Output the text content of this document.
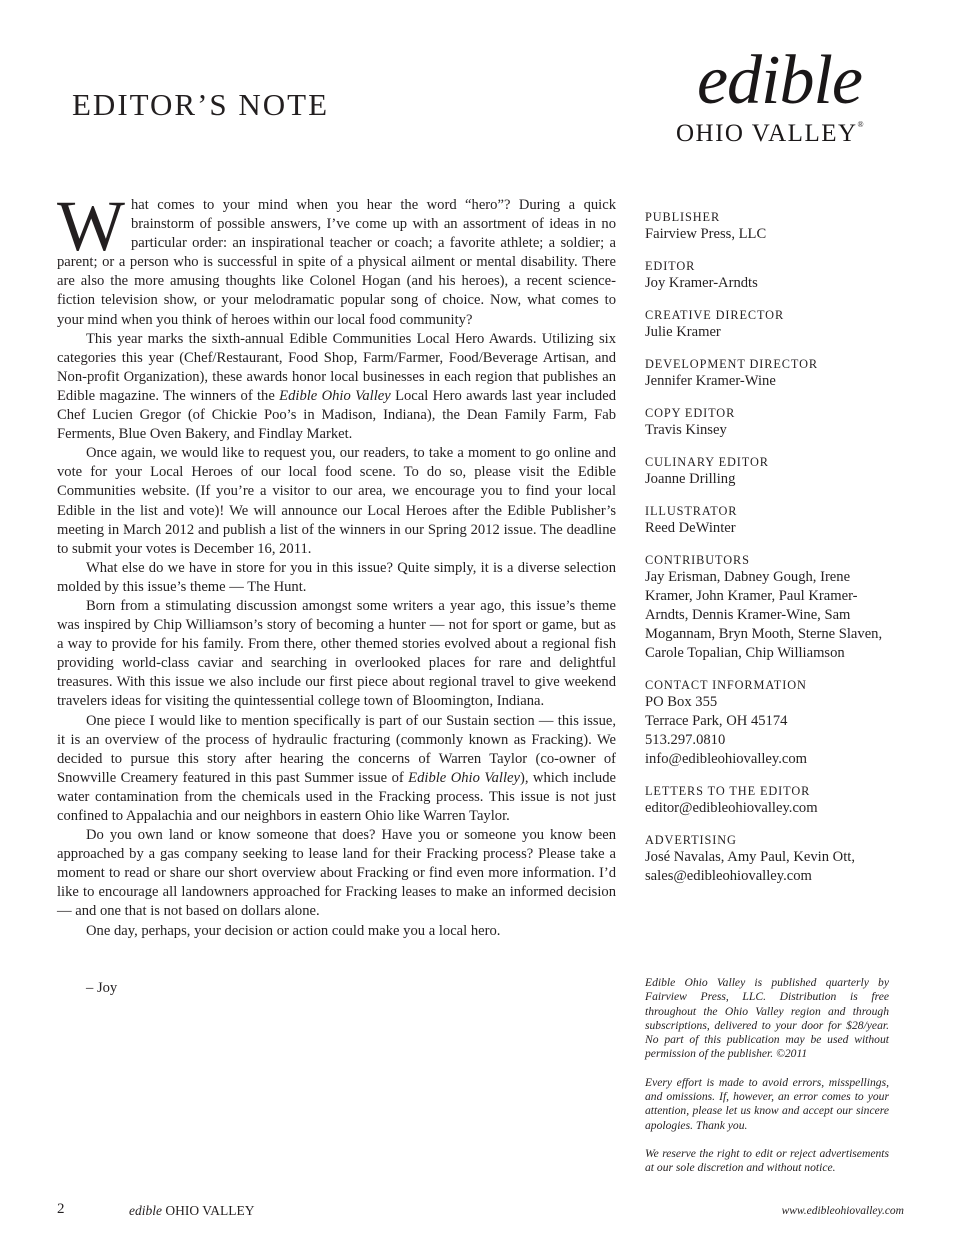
EDITOR’S NOTE	edible
OHIO VALLEY®

What comes to your mind when you hear the word “hero”? During a quick brainstorm of possible answers, I’ve come up with an assortment of ideas in no particular order: an inspirational teacher or coach; a favorite athlete; a soldier; a parent; or a person who is successful in spite of a physical ailment or mental disability. There are also the more amusing thoughts like Colonel Hogan (and his heroes), a recent science-fiction television show, or your melodramatic popular song of choice. Now, what comes to your mind when you think of heroes within our local food community?

This year marks the sixth-annual Edible Communities Local Hero Awards. Utilizing six categories this year (Chef/Restaurant, Food Shop, Farm/Farmer, Food/Beverage Artisan, and Non-profit Organization), these awards honor local businesses in each region that publishes an Edible magazine. The winners of the Edible Ohio Valley Local Hero awards last year included Chef Lucien Gregor (of Chickie Poo’s in Madison, Indiana), the Dean Family Farm, Fab Ferments, Blue Oven Bakery, and Findlay Market.

Once again, we would like to request you, our readers, to take a moment to go online and vote for your Local Heroes of our local food scene. To do so, please visit the Edible Communities website. (If you’re a visitor to our area, we encourage you to find your local Edible in the list and vote)! We will announce our Local Heroes after the Edible Publisher’s meeting in March 2012 and publish a list of the winners in our Spring 2012 issue. The deadline to submit your votes is December 16, 2011.

What else do we have in store for you in this issue? Quite simply, it is a diverse selection molded by this issue’s theme — The Hunt.

Born from a stimulating discussion amongst some writers a year ago, this issue’s theme was inspired by Chip Williamson’s story of becoming a hunter — not for sport or game, but as a way to provide for his family. From there, other themed stories evolved about a regional fish providing world-class caviar and searching in overlooked places for rare and delightful treasures. With this issue we also include our first piece about regional travel to give weekend travelers ideas for visiting the quintessential college town of Bloomington, Indiana.

One piece I would like to mention specifically is part of our Sustain section — this issue, it is an overview of the process of hydraulic fracturing (commonly known as Fracking). We decided to pursue this story after hearing the concerns of Warren Taylor (co-owner of Snowville Creamery featured in this past Summer issue of Edible Ohio Valley), which include water contamination from the chemicals used in the Fracking process. This issue is not just confined to Appalachia and our neighbors in eastern Ohio like Warren Taylor.

Do you own land or know someone that does? Have you or someone you know been approached by a gas company seeking to lease land for their Fracking process? Please take a moment to read or share our short overview about Fracking or find even more information. I’d like to encourage all landowners approached for Fracking leases to make an informed decision — and one that is not based on dollars alone.

One day, perhaps, your decision or action could make you a local hero.

– Joy
PUBLISHER
Fairview Press, LLC
EDITOR
Joy Kramer-Arndts
CREATIVE DIRECTOR
Julie Kramer
DEVELOPMENT DIRECTOR
Jennifer Kramer-Wine
COPY EDITOR
Travis Kinsey
CULINARY EDITOR
Joanne Drilling
ILLUSTRATOR
Reed DeWinter
CONTRIBUTORS
Jay Erisman, Dabney Gough, Irene
Kramer, John Kramer, Paul Kramer-
Arndts, Dennis Kramer-Wine, Sam
Mogannam, Bryn Mooth, Sterne Slaven,
Carole Topalian, Chip Williamson
CONTACT INFORMATION
PO Box 355
Terrace Park, OH 45174
513.297.0810
info@edibleohiovalley.com
LETTERS TO THE EDITOR
editor@edibleohiovalley.com
ADVERTISING
José Navalas, Amy Paul, Kevin Ott,
sales@edibleohiovalley.com

Edible Ohio Valley is published quarterly by Fairview Press, LLC. Distribution is free throughout the Ohio Valley region and through subscriptions, delivered to your door for $28/year. No part of this publication may be used without permission of the publisher. ©2011

Every effort is made to avoid errors, misspellings, and omissions. If, however, an error comes to your attention, please let us know and accept our sincere apologies. Thank you.

We reserve the right to edit or reject advertisements at our sole discretion and without notice.

2	edible OHIO VALLEY	www.edibleohiovalley.com
